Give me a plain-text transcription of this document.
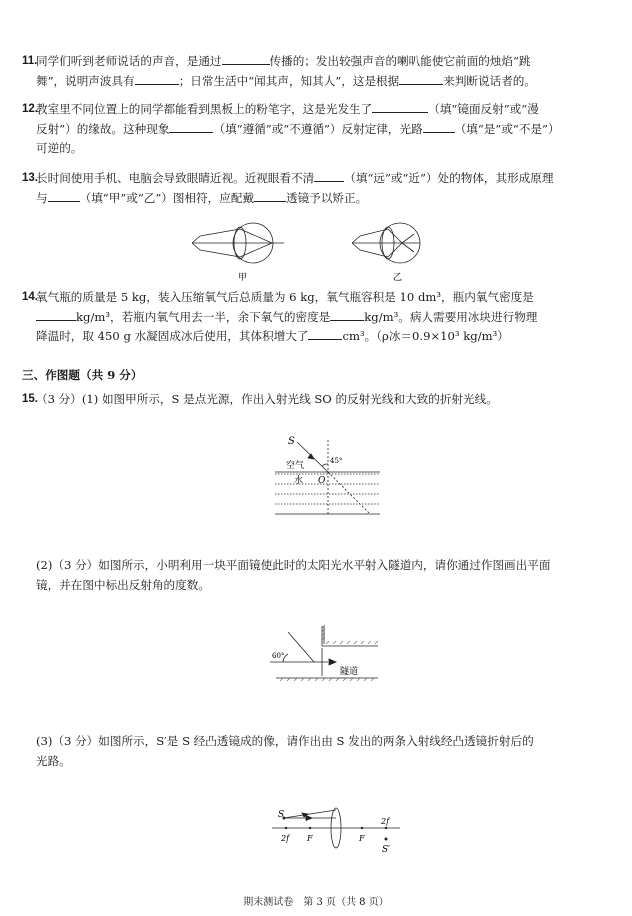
11.
同学们听到老师说话的声音，是通过	传播的；发出较强声音的喇叭能使它前面的烛焰“跳
舞”，说明声波具有	；日常生活中“闻其声，知其人”，这是根据	来判断说话者的。
12.
教室里不同位置上的同学都能看到黑板上的粉笔字，这是光发生了	（填“镜面反射”或“漫
反射”）的缘故。这种现象	（填“遵循”或“不遵循”）反射定律，光路	（填“是”或“不是”）
可逆的。
13.
长时间使用手机、电脑会导致眼睛近视。近视眼看不清	（填“远”或“近”）处的物体，其形成原理
与	（填“甲”或“乙”）图相符，应配戴	透镜予以矫正。
甲	乙
14.
氧气瓶的质量是 5 kg，装入压缩氧气后总质量为 6 kg，氧气瓶容积是 10 dm³，瓶内氧气密度是
kg/m³，若瓶内氧气用去一半，余下氧气的密度是	kg/m³。病人需要用冰块进行物理
降温时，取 450 g 水凝固成冰后使用，其体积增大了	cm³。（ρ冰＝0.9×10³ kg/m³）
三、作图题（共 9 分）
15.
（3 分）(1) 如图甲所示，S 是点光源，作出入射光线 SO 的反射光线和大致的折射光线。
S
45°
空气
水 O
(2)（3 分）如图所示，小明利用一块平面镜使此时的太阳光水平射入隧道内，请你通过作图画出平面
镜，并在图中标出反射角的度数。
60°
隧道
(3)（3 分）如图所示，S′是 S 经凸透镜成的像，请作出由 S 发出的两条入射线经凸透镜折射后的
光路。
S
2f F	F
2f
S′
期末测试卷　第 3 页（共 8 页）
